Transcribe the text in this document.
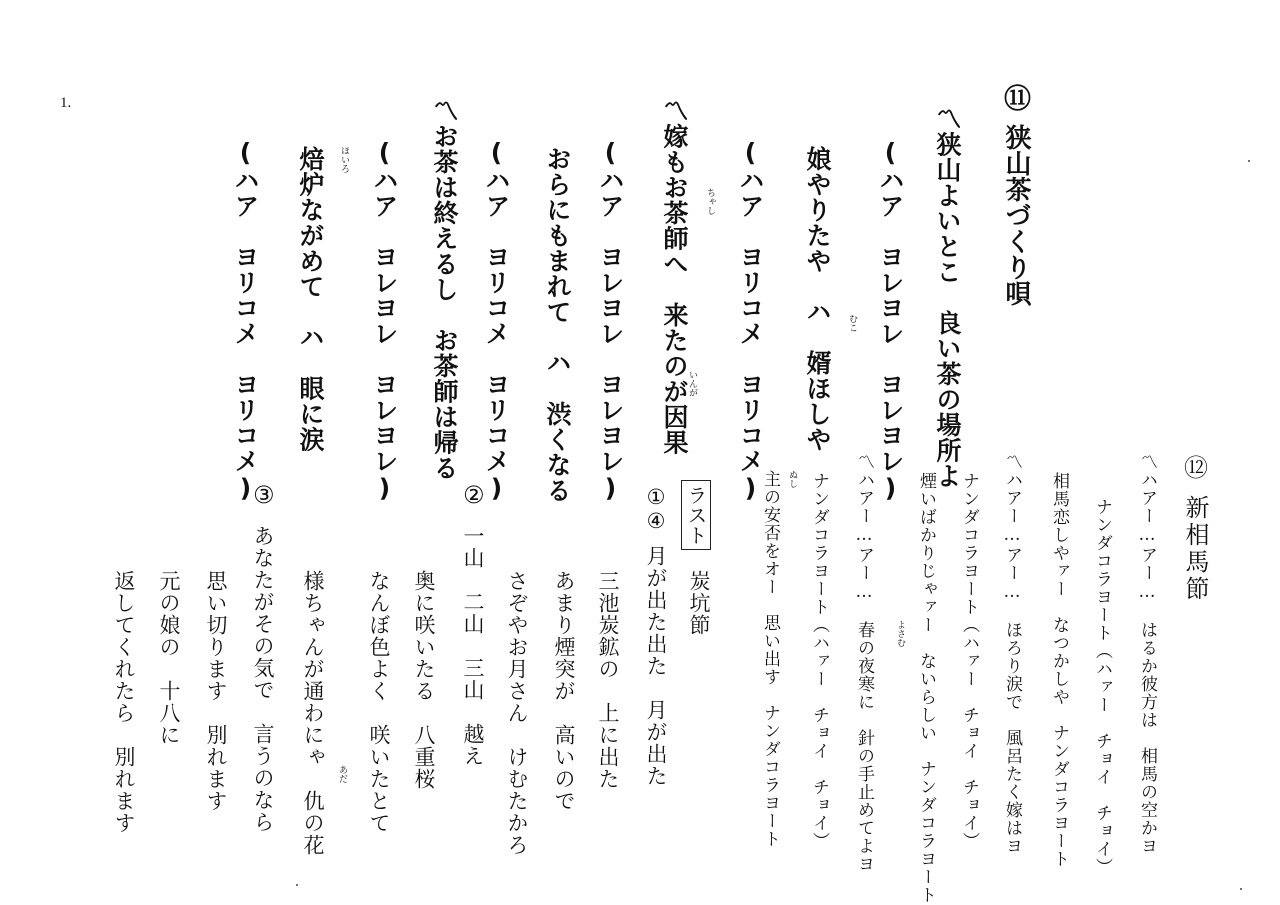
1.	⑪
狭山茶づくり唄
〽狭山よいとこ　良い茶の場所よ
(ハア　ヨレヨレ　ヨレヨレ)
娘やりたや　ハ　婿ほしや むこ
(ハア　ヨリコメ　ヨリコメ)
〽嫁もお茶師へ　来たのが因果 ちゃし
いんが
(ハア　ヨレヨレ　ヨレヨレ)
おらにもまれて　ハ　渋くなる
(ハア　ヨリコメ　ヨリコメ)
〽お茶は終えるし　お茶師は帰る
(ハア　ヨレヨレ　ヨレヨレ)
焙炉ながめて　ハ　眼に涙 ほいろ
(ハア　ヨリコメ　ヨリコメ)	⑫
新相馬節
〽ハアー…アー…　はるか彼方は　相馬の空かヨ
ナンダコラヨート（ハァー　チョイ　チョイ）
相馬恋しやァー　なつかしや　ナンダコラヨート
〽ハアー…アー…　ほろり涙で　風呂たく嫁はヨ
ナンダコラヨート（ハァー　チョイ　チョイ）
煙いばかりじゃァー　ないらしい　ナンダコラヨート
〽ハアー…アー…　春の夜寒に　針の手止めてよヨ よさむ
ナンダコラヨート（ハァー　チョイ　チョイ）
主の安否をオー　思い出す　ナンダコラヨート ぬし
ラスト
①④
炭坑節
月が出た出た　月が出た
三池炭鉱の　上に出た
あまり煙突が　高いので
さぞやお月さん　けむたかろ
②
一山　二山　三山　越え
奥に咲いたる　八重桜
なんぼ色よく　咲いたとて
様ちゃんが通わにゃ　仇の花 あだ
③
あなたがその気で　言うのなら
思い切ります　別れます
元の娘の　十八に
返してくれたら　別れます
